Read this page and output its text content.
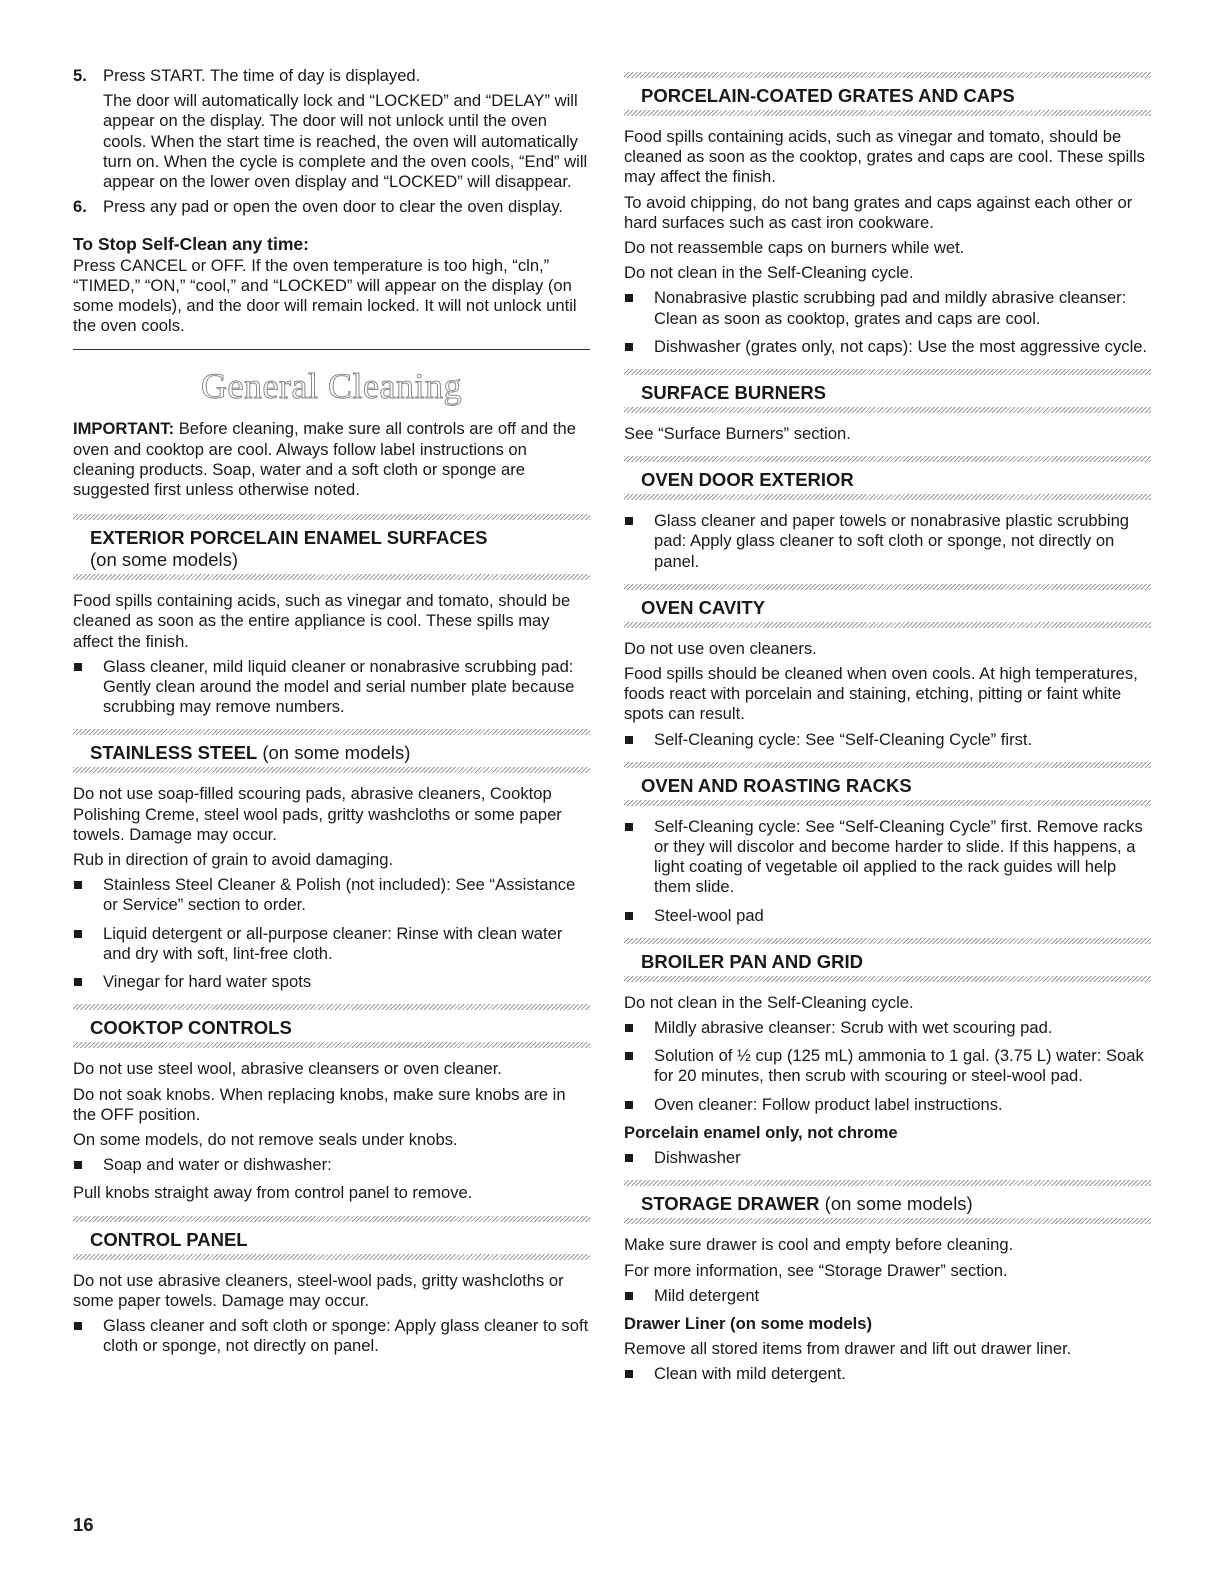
5. Press START. The time of day is displayed.

The door will automatically lock and “LOCKED” and “DELAY” will appear on the display. The door will not unlock until the oven cools. When the start time is reached, the oven will automatically turn on. When the cycle is complete and the oven cools, “End” will appear on the lower oven display and “LOCKED” will disappear.

6. Press any pad or open the oven door to clear the oven display.

To Stop Self-Clean any time:

Press CANCEL or OFF. If the oven temperature is too high, “cln,” “TIMED,” “ON,” “cool,” and “LOCKED” will appear on the display (on some models), and the door will remain locked. It will not unlock until the oven cools.

General Cleaning

IMPORTANT: Before cleaning, make sure all controls are off and the oven and cooktop are cool. Always follow label instructions on cleaning products. Soap, water and a soft cloth or sponge are suggested first unless otherwise noted.

EXTERIOR PORCELAIN ENAMEL SURFACES
(on some models)

Food spills containing acids, such as vinegar and tomato, should be cleaned as soon as the entire appliance is cool. These spills may affect the finish.

Glass cleaner, mild liquid cleaner or nonabrasive scrubbing pad: Gently clean around the model and serial number plate because scrubbing may remove numbers.
STAINLESS STEEL (on some models)

Do not use soap-filled scouring pads, abrasive cleaners, Cooktop Polishing Creme, steel wool pads, gritty washcloths or some paper towels. Damage may occur.

Rub in direction of grain to avoid damaging.

Stainless Steel Cleaner & Polish (not included): See “Assistance or Service” section to order.
Liquid detergent or all-purpose cleaner: Rinse with clean water and dry with soft, lint-free cloth.
Vinegar for hard water spots
COOKTOP CONTROLS

Do not use steel wool, abrasive cleansers or oven cleaner.

Do not soak knobs. When replacing knobs, make sure knobs are in the OFF position.

On some models, do not remove seals under knobs.

Soap and water or dishwasher:

Pull knobs straight away from control panel to remove.

CONTROL PANEL

Do not use abrasive cleaners, steel-wool pads, gritty washcloths or some paper towels. Damage may occur.

Glass cleaner and soft cloth or sponge: Apply glass cleaner to soft cloth or sponge, not directly on panel.
PORCELAIN-COATED GRATES AND CAPS

Food spills containing acids, such as vinegar and tomato, should be cleaned as soon as the cooktop, grates and caps are cool. These spills may affect the finish.

To avoid chipping, do not bang grates and caps against each other or hard surfaces such as cast iron cookware.

Do not reassemble caps on burners while wet.

Do not clean in the Self-Cleaning cycle.

Nonabrasive plastic scrubbing pad and mildly abrasive cleanser: Clean as soon as cooktop, grates and caps are cool.
Dishwasher (grates only, not caps): Use the most aggressive cycle.
SURFACE BURNERS

See “Surface Burners” section.

OVEN DOOR EXTERIOR
Glass cleaner and paper towels or nonabrasive plastic scrubbing pad: Apply glass cleaner to soft cloth or sponge, not directly on panel.
OVEN CAVITY

Do not use oven cleaners.

Food spills should be cleaned when oven cools. At high temperatures, foods react with porcelain and staining, etching, pitting or faint white spots can result.

Self-Cleaning cycle: See “Self-Cleaning Cycle” first.
OVEN AND ROASTING RACKS
Self-Cleaning cycle: See “Self-Cleaning Cycle” first. Remove racks or they will discolor and become harder to slide. If this happens, a light coating of vegetable oil applied to the rack guides will help them slide.
Steel-wool pad
BROILER PAN AND GRID

Do not clean in the Self-Cleaning cycle.

Mildly abrasive cleanser: Scrub with wet scouring pad.
Solution of ½ cup (125 mL) ammonia to 1 gal. (3.75 L) water: Soak for 20 minutes, then scrub with scouring or steel-wool pad.
Oven cleaner: Follow product label instructions.

Porcelain enamel only, not chrome

Dishwasher
STORAGE DRAWER (on some models)

Make sure drawer is cool and empty before cleaning.

For more information, see “Storage Drawer” section.

Mild detergent

Drawer Liner (on some models)

Remove all stored items from drawer and lift out drawer liner.

Clean with mild detergent.
16
